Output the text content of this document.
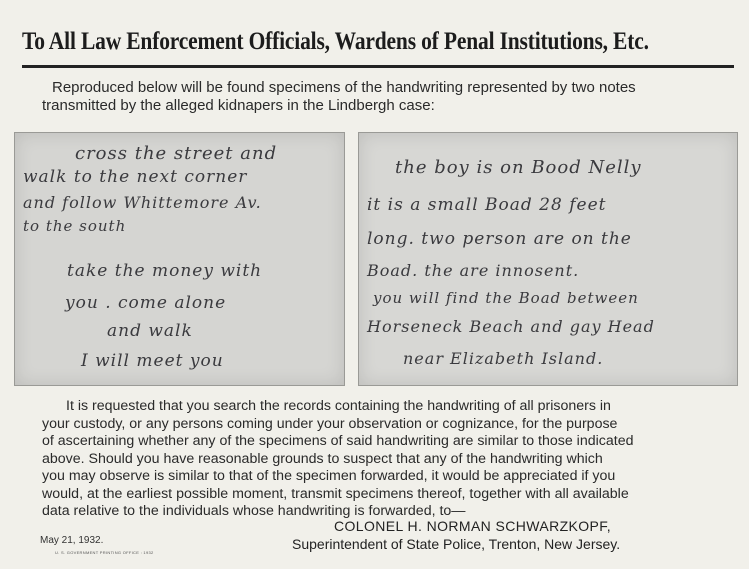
To All Law Enforcement Officials, Wardens of Penal Institutions, Etc.
Reproduced below will be found specimens of the handwriting represented by two notes
transmitted by the alleged kidnapers in the Lindbergh case:
cross the street and
walk to the next corner
and follow Whittemore Av.
to the south
take the money with
you . come alone
and walk
I will meet you
the boy is on Bood Nelly
it is a small Boad 28 feet
long. two person are on the
Boad. the are innosent.
you will find the Boad between
Horseneck Beach and gay Head
near Elizabeth Island.
It is requested that you search the records containing the handwriting of all prisoners in
your custody, or any persons coming under your observation or cognizance, for the purpose
of ascertaining whether any of the specimens of said handwriting are similar to those indicated
above. Should you have reasonable grounds to suspect that any of the handwriting which
you may observe is similar to that of the specimen forwarded, it would be appreciated if you
would, at the earliest possible moment, transmit specimens thereof, together with all available
data relative to the individuals whose handwriting is forwarded, to—
May 21, 1932.
U. S. GOVERNMENT PRINTING OFFICE : 1932
COLONEL H. NORMAN SCHWARZKOPF,
Superintendent of State Police, Trenton, New Jersey.
